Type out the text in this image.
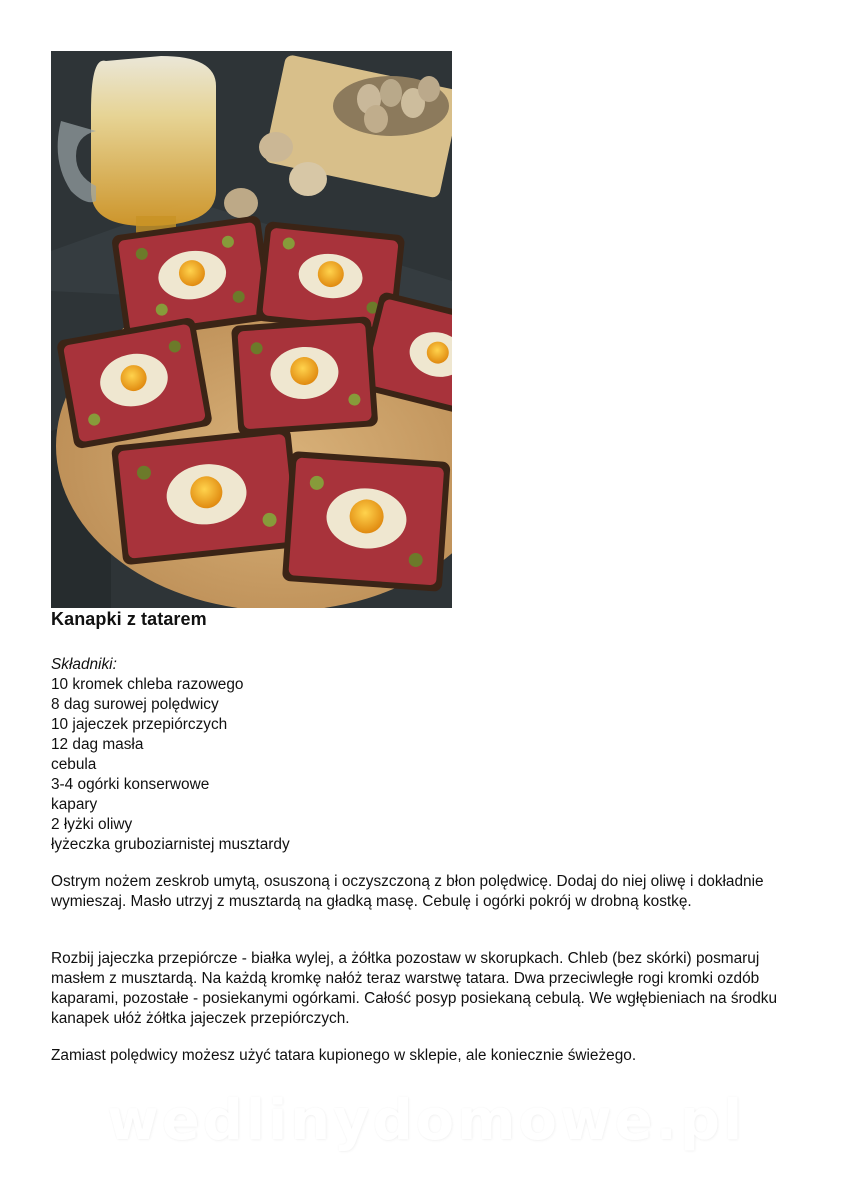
Kanapki z tatarem
Składniki:
10 kromek chleba razowego
8 dag surowej polędwicy
10 jajeczek przepiórczych
12 dag masła
cebula
3-4 ogórki konserwowe
kapary
2 łyżki oliwy
łyżeczka gruboziarnistej musztardy
Ostrym nożem zeskrob umytą, osuszoną i oczyszczoną z błon polędwicę. Dodaj do niej oliwę i dokładnie wymieszaj. Masło utrzyj z musztardą na gładką masę. Cebulę i ogórki pokrój w drobną kostkę.
Rozbij jajeczka przepiórcze - białka wylej, a żółtka pozostaw w skorupkach. Chleb (bez skórki) posmaruj masłem z musztardą. Na każdą kromkę nałóż teraz warstwę tatara. Dwa przeciwległe rogi kromki ozdób kaparami, pozostałe - posiekanymi ogórkami. Całość posyp posiekaną cebulą. We wgłębieniach na środku kanapek ułóż żółtka jajeczek przepiórczych.
Zamiast polędwicy możesz użyć tatara kupionego w sklepie, ale koniecznie świeżego.
wedlinydomowe.pl
